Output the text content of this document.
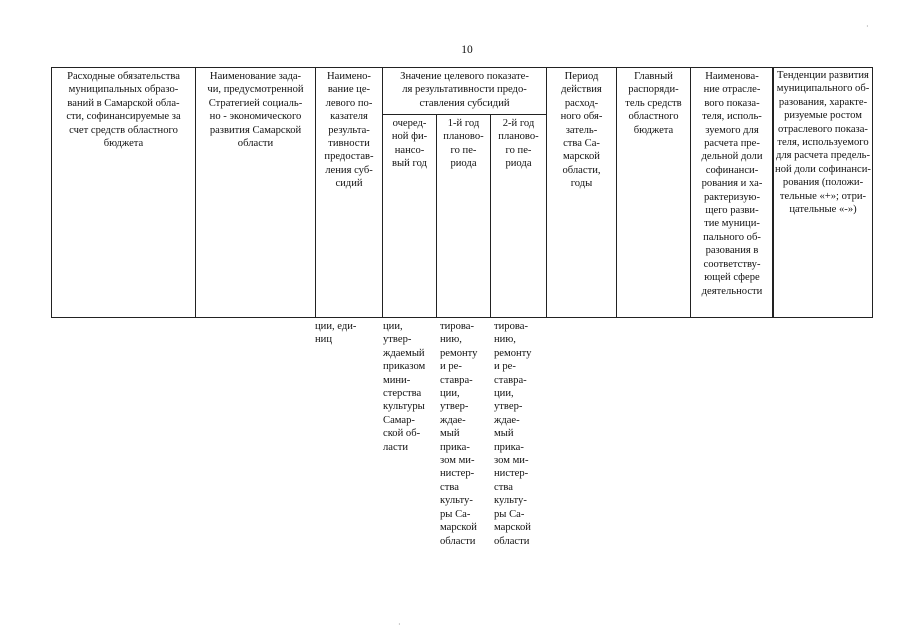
10
Расходные обязательства
муниципальных образо-
ваний в Самарской обла-
сти, софинансируемые за
счет средств областного
бюджета
Наименование зада-
чи, предусмотренной
Стратегией социаль-
но - экономического
развития Самарской
области
Наимено-
вание це-
левого по-
казателя
результа-
тивности
предостав-
ления суб-
сидий
Значение целевого показате-
ля результативности предо-
ставления субсидий
очеред-
ной фи-
нансо-
вый год
1-й год
планово-
го пе-
риода
2-й год
планово-
го пе-
риода
Период
действия
расход-
ного обя-
затель-
ства Са-
марской
области,
годы
Главный
распоряди-
тель средств
областного
бюджета
Наименова-
ние отрасле-
вого показа-
теля, исполь-
зуемого для
расчета пре-
дельной доли
софинанси-
рования и ха-
рактеризую-
щего разви-
тие муници-
пального об-
разования в
соответству-
ющей сфере
деятельности
Тенденции развития
муниципального об-
разования, характе-
ризуемые ростом
отраслевого показа-
теля, используемого
для расчета предель-
ной доли софинанси-
рования (положи-
тельные «+»; отри-
цательные «-»)
ции, еди-
ниц
ции,
утвер-
ждаемый
приказом
мини-
стерства
культуры
Самар-
ской об-
ласти
тирова-
нию,
ремонту
и ре-
ставра-
ции,
утвер-
ждае-
мый
прика-
зом ми-
нистер-
ства
культу-
ры Са-
марской
области
тирова-
нию,
ремонту
и ре-
ставра-
ции,
утвер-
ждае-
мый
прика-
зом ми-
нистер-
ства
культу-
ры Са-
марской
области
·
·
